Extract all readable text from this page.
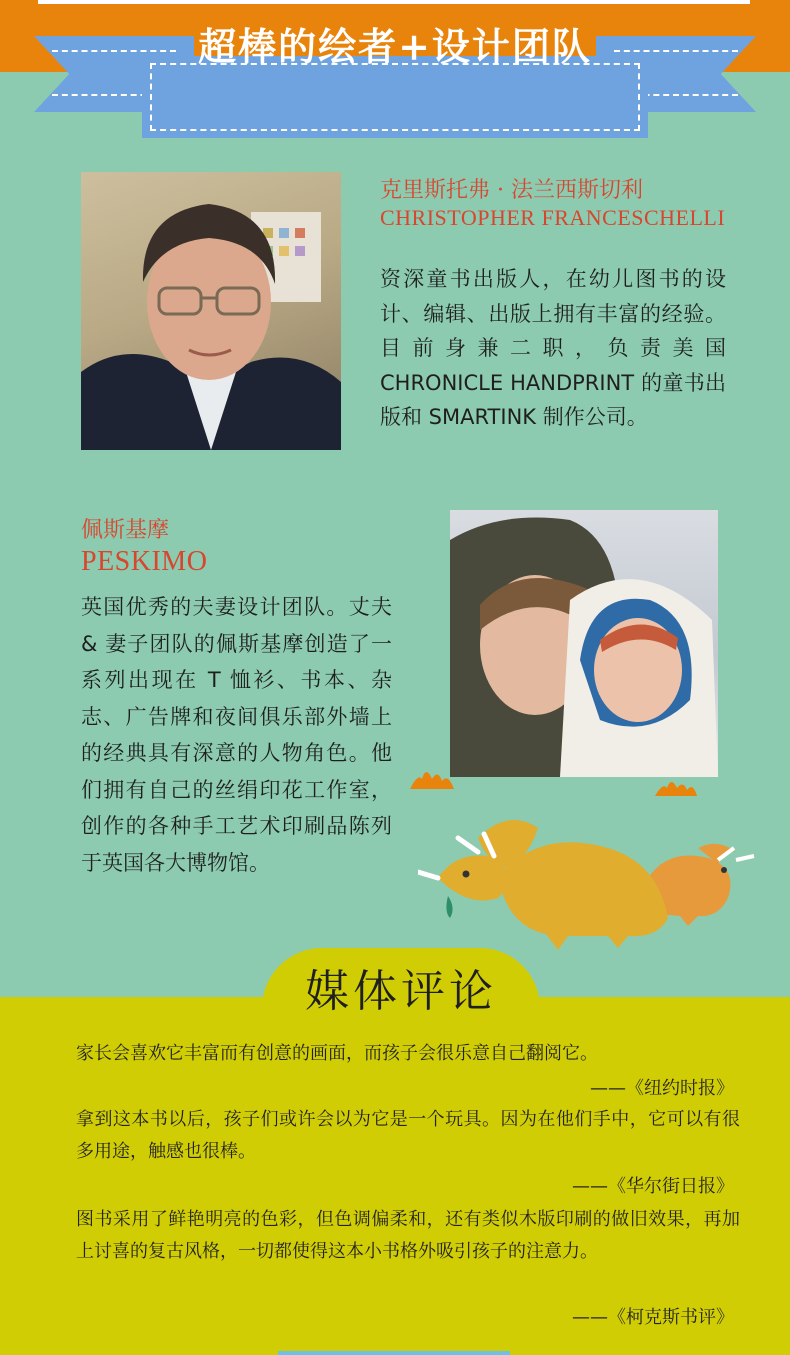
超棒的绘者+设计团队
克里斯托弗 · 法兰西斯切利
CHRISTOPHER FRANCESCHELLI
资深童书出版人，在幼儿图书的设计、编辑、出版上拥有丰富的经验。目前身兼二职，负责美国 CHRONICLE HANDPRINT 的童书出版和 SMARTINK 制作公司。
佩斯基摩
PESKIMO
英国优秀的夫妻设计团队。丈夫 & 妻子团队的佩斯基摩创造了一系列出现在 T 恤衫、书本、杂志、广告牌和夜间俱乐部外墙上的经典具有深意的人物角色。他们拥有自己的丝绢印花工作室，创作的各种手工艺术印刷品陈列于英国各大博物馆。
媒体评论
家长会喜欢它丰富而有创意的画面，而孩子会很乐意自己翻阅它。
——《纽约时报》
拿到这本书以后，孩子们或许会以为它是一个玩具。因为在他们手中，它可以有很多用途，触感也很棒。
——《华尔街日报》
图书采用了鲜艳明亮的色彩，但色调偏柔和，还有类似木版印刷的做旧效果，再加上讨喜的复古风格，一切都使得这本小书格外吸引孩子的注意力。
——《柯克斯书评》
